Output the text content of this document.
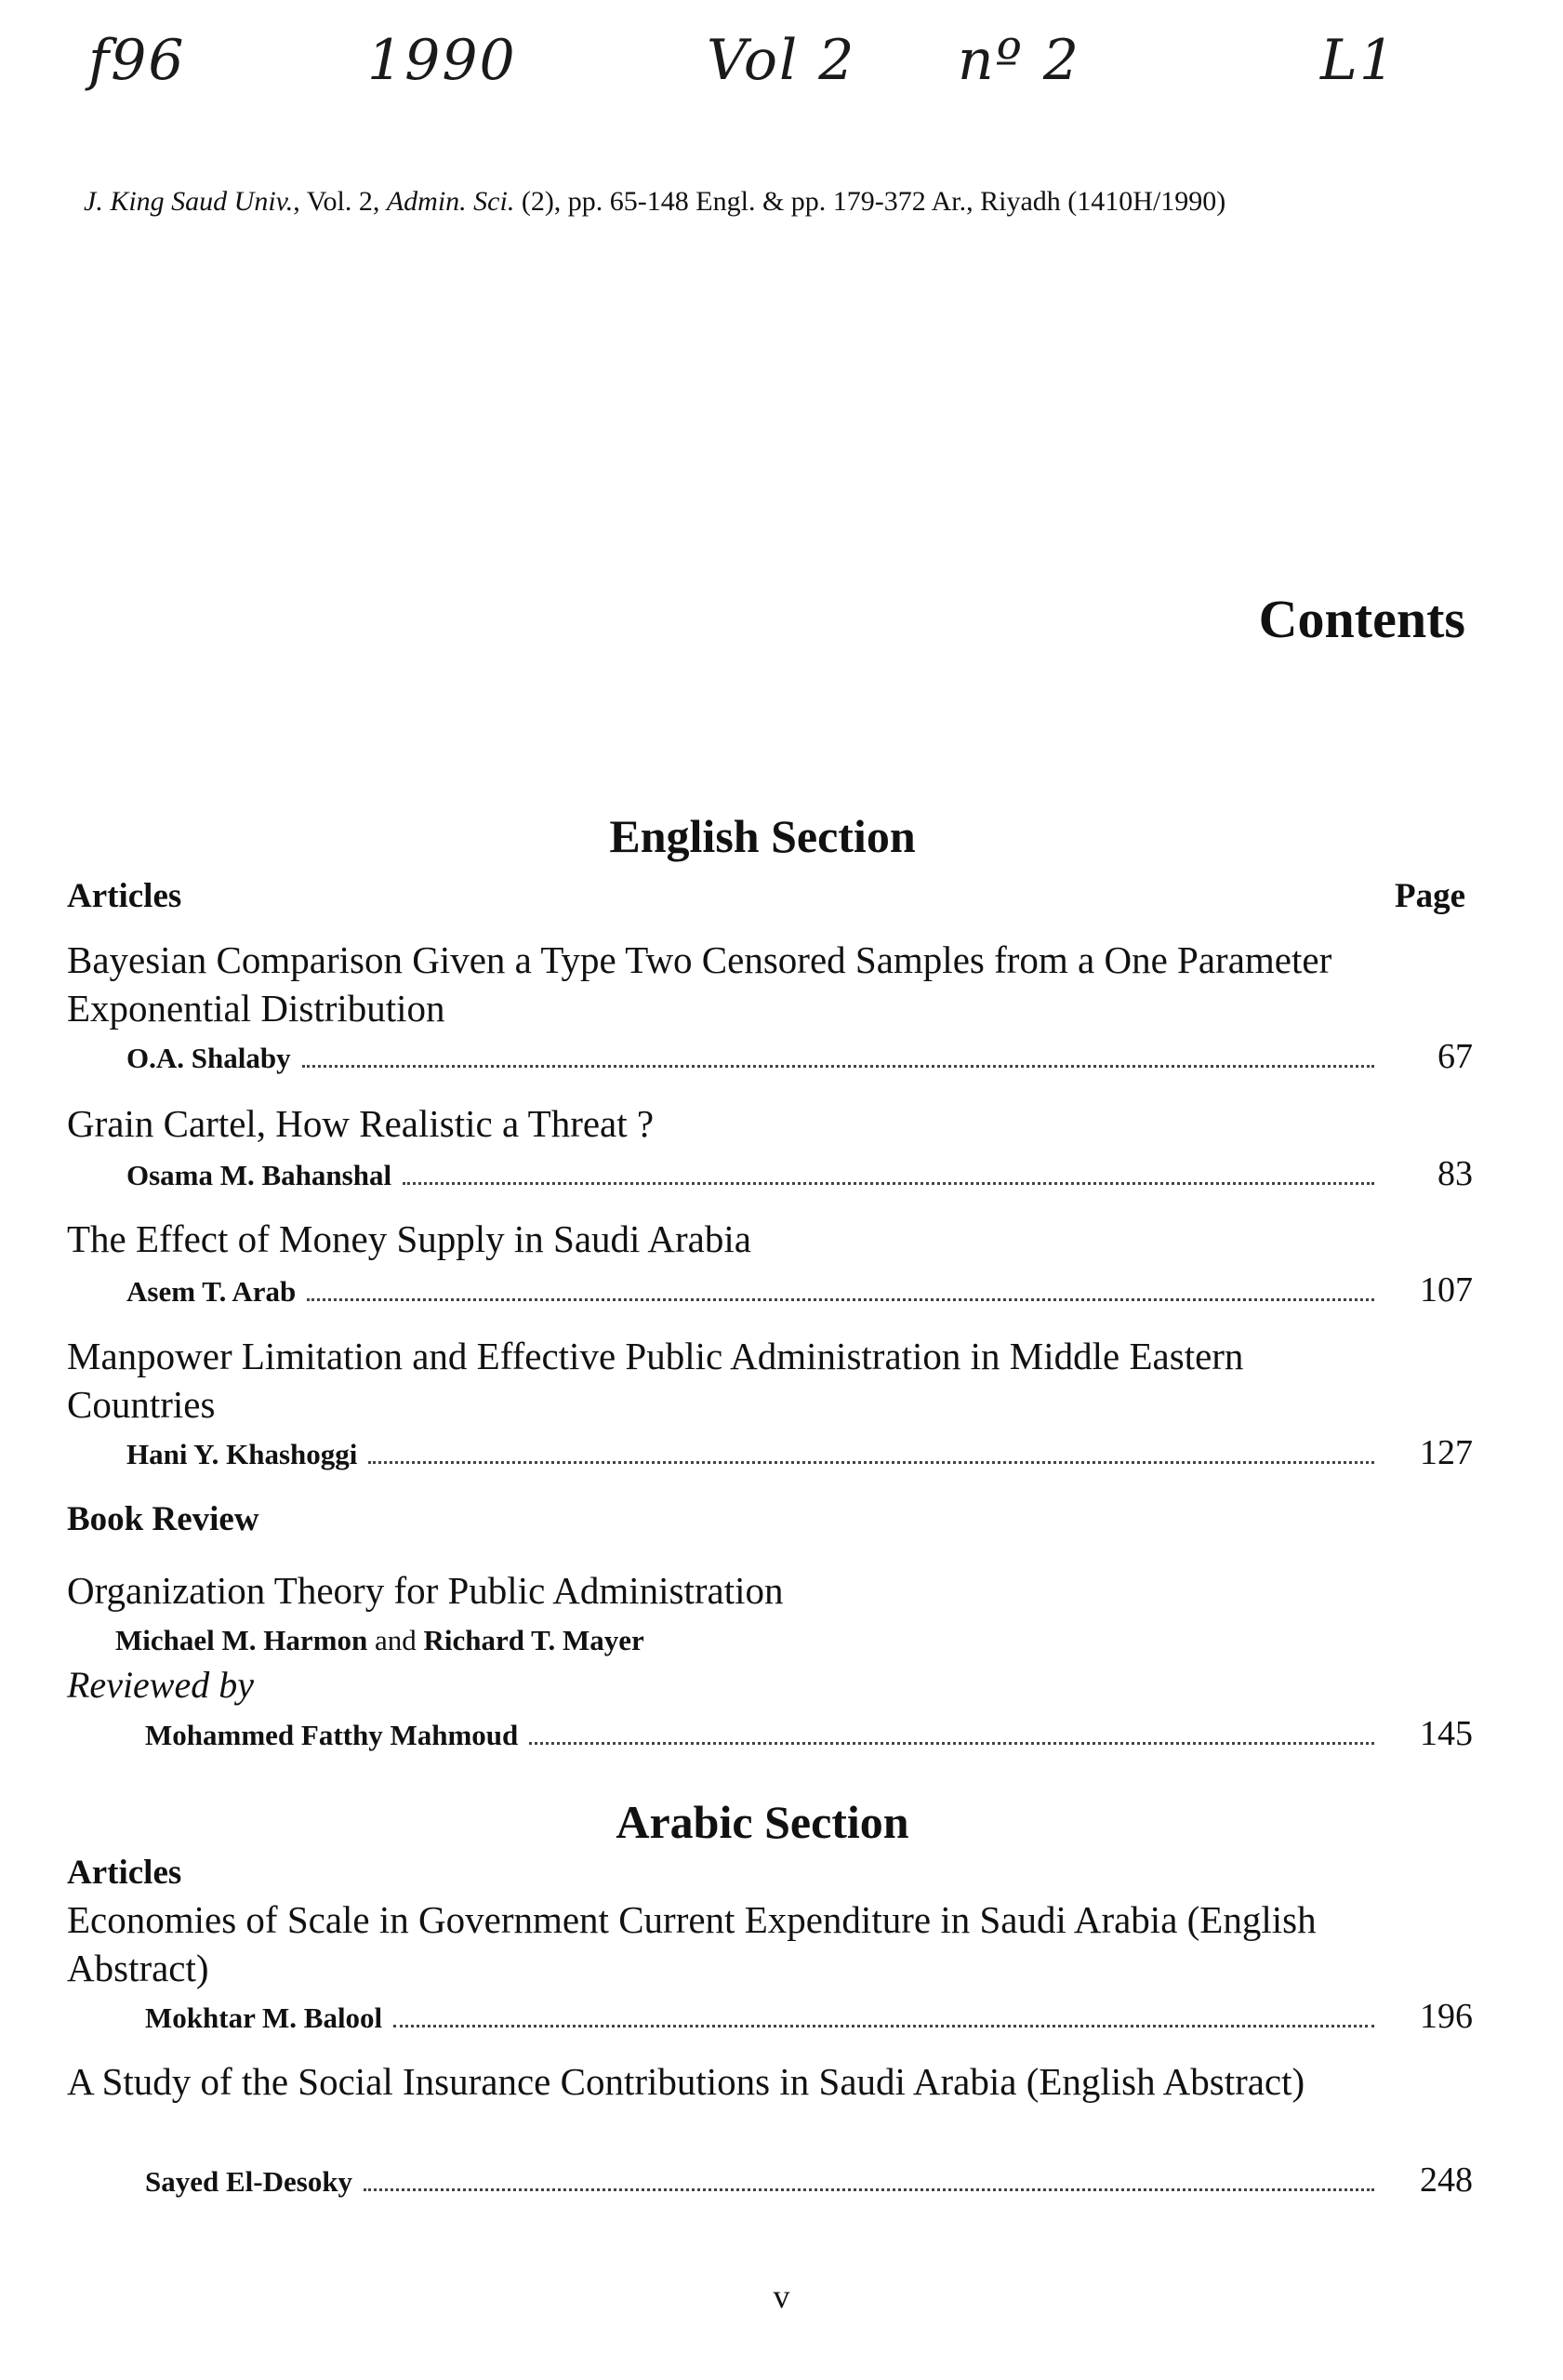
f96	1990	Vol 2 nº 2	L1
J. King Saud Univ., Vol. 2, Admin. Sci. (2), pp. 65-148 Engl. & pp. 179-372 Ar., Riyadh (1410H/1990)
Contents
English Section
Articles	Page
Bayesian Comparison Given a Type Two Censored Samples from a One Parameter Exponential Distribution
O.A. Shalaby	67
Grain Cartel, How Realistic a Threat ?
Osama M. Bahanshal	83
The Effect of Money Supply in Saudi Arabia
Asem T. Arab	107
Manpower Limitation and Effective Public Administration in Middle Eastern Countries
Hani Y. Khashoggi	127
Book Review
Organization Theory for Public Administration
Michael M. Harmon and Richard T. Mayer
Reviewed by
Mohammed Fatthy Mahmoud	145
Arabic Section
Articles
Economies of Scale in Government Current Expenditure in Saudi Arabia (English Abstract)
Mokhtar M. Balool	196
A Study of the Social Insurance Contributions in Saudi Arabia (English Abstract)
Sayed El-Desoky	248
v
